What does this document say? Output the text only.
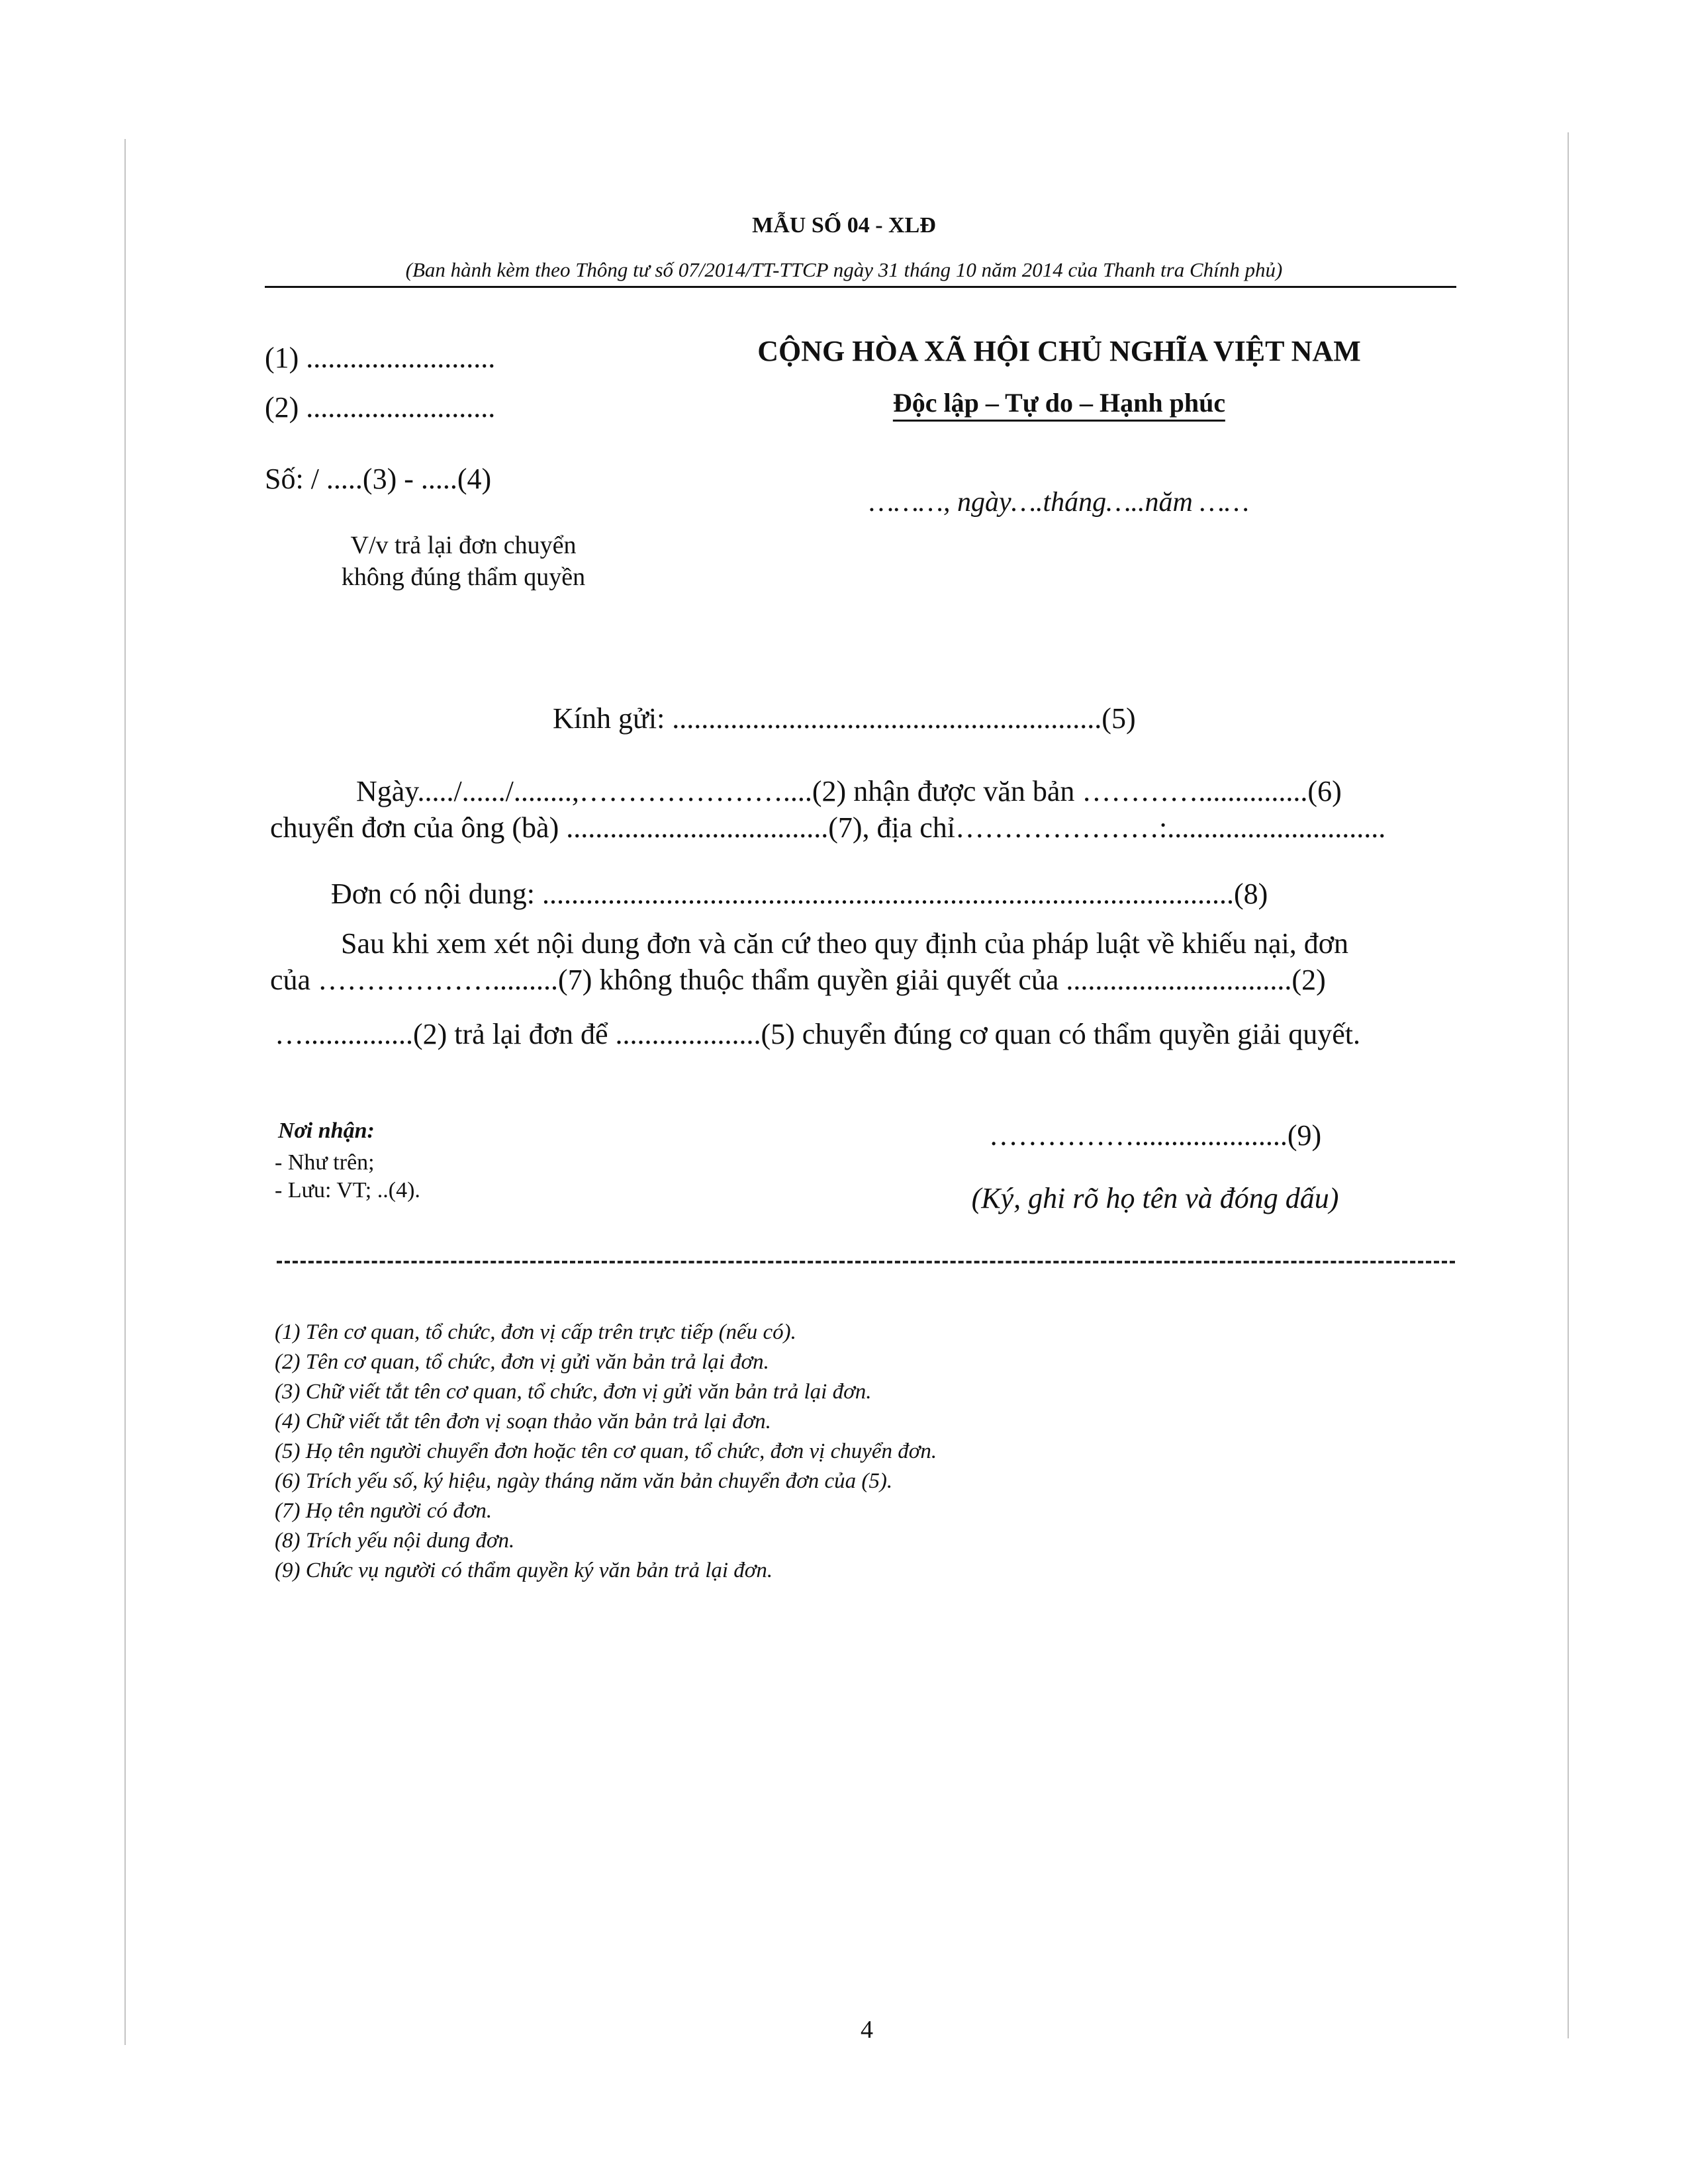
MẪU SỐ 04 - XLĐ
(Ban hành kèm theo Thông tư số 07/2014/TT-TTCP ngày 31 tháng 10 năm 2014 của Thanh tra Chính phủ)
(1) ..........................
(2) ..........................
Số: / .....(3) - .....(4)
V/v trả lại đơn chuyển
không đúng thẩm quyền
CỘNG HÒA XÃ HỘI CHỦ NGHĨA VIỆT NAM
Độc lập – Tự do – Hạnh phúc
………, ngày….tháng…..năm ……
Kính gửi: ...........................................................(5)
Ngày...../....../........,…………………....(2) nhận được văn bản …………...............(6)
chuyển đơn của ông (bà) ....................................(7), địa chỉ…………………:..............................
Đơn có nội dung: ...............................................................................................(8)
Sau khi xem xét nội dung đơn và căn cứ theo quy định của pháp luật về khiếu nại, đơn
của ……………….........(7) không thuộc thẩm quyền giải quyết của ...............................(2)
…...............(2) trả lại đơn để ....................(5) chuyển đúng cơ quan có thẩm quyền giải quyết.
Nơi nhận:
- Như trên;
- Lưu: VT; ..(4).
…………….....................(9)
(Ký, ghi rõ họ tên và đóng dấu)
(1) Tên cơ quan, tổ chức, đơn vị cấp trên trực tiếp (nếu có).
(2) Tên cơ quan, tổ chức, đơn vị gửi văn bản trả lại đơn.
(3) Chữ viết tắt tên cơ quan, tổ chức, đơn vị gửi văn bản trả lại đơn.
(4) Chữ viết tắt tên đơn vị soạn thảo văn bản trả lại đơn.
(5) Họ tên người chuyển đơn hoặc tên cơ quan, tổ chức, đơn vị chuyển đơn.
(6) Trích yếu số, ký hiệu, ngày tháng năm văn bản chuyển đơn của (5).
(7) Họ tên người có đơn.
(8) Trích yếu nội dung đơn.
(9) Chức vụ người có thẩm quyền ký văn bản trả lại đơn.
4
